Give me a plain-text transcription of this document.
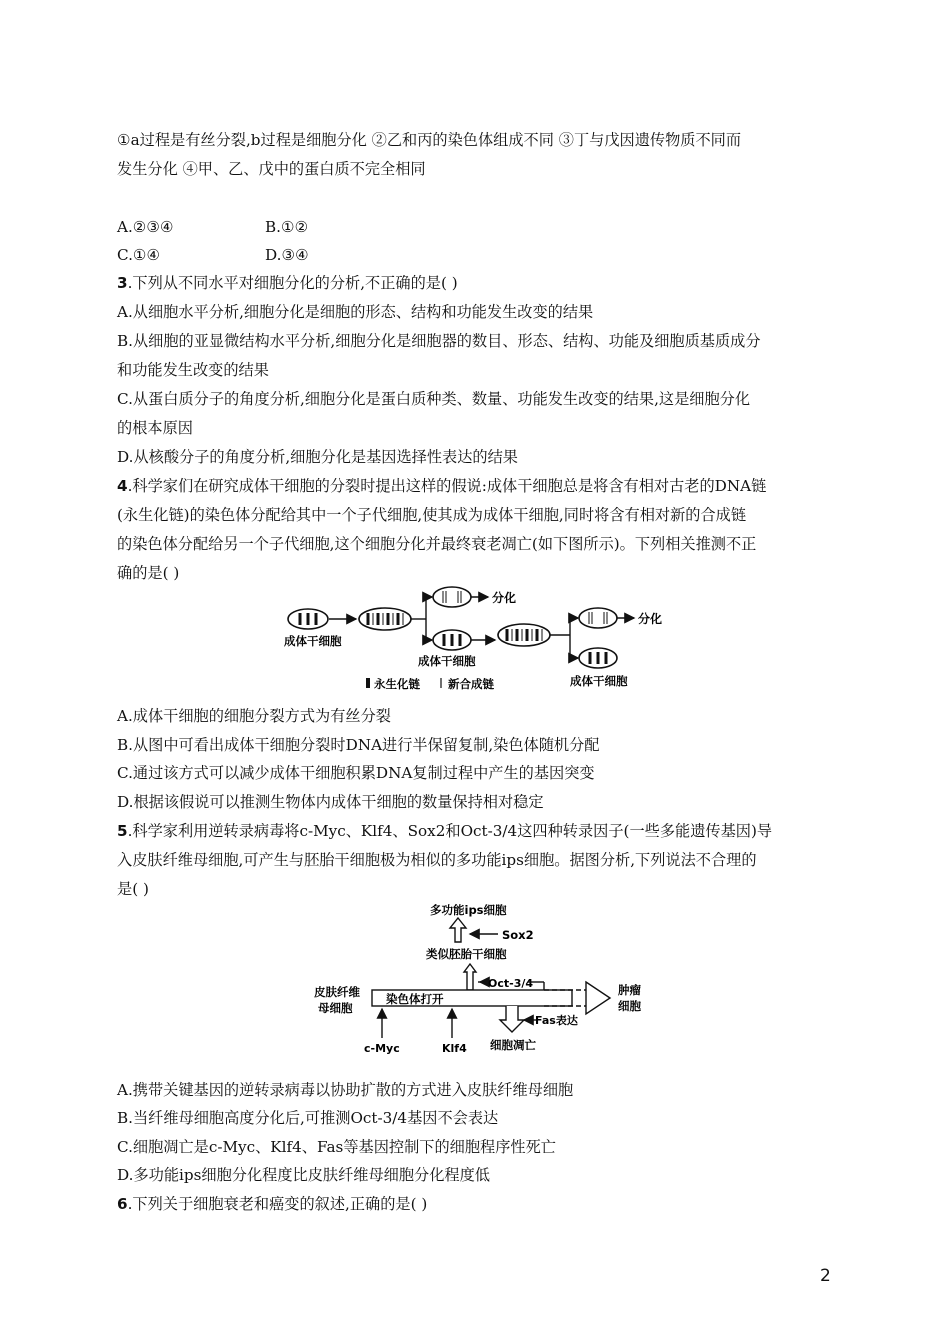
①a过程是有丝分裂,b过程是细胞分化 ②乙和丙的染色体组成不同 ③丁与戊因遗传物质不同而
发生分化 ④甲、乙、戊中的蛋白质不完全相同
A.②③④	B.①②
C.①④	D.③④
3.下列从不同水平对细胞分化的分析,不正确的是( )
A.从细胞水平分析,细胞分化是细胞的形态、结构和功能发生改变的结果
B.从细胞的亚显微结构水平分析,细胞分化是细胞器的数目、形态、结构、功能及细胞质基质成分
和功能发生改变的结果
C.从蛋白质分子的角度分析,细胞分化是蛋白质种类、数量、功能发生改变的结果,这是细胞分化
的根本原因
D.从核酸分子的角度分析,细胞分化是基因选择性表达的结果
4.科学家们在研究成体干细胞的分裂时提出这样的假说:成体干细胞总是将含有相对古老的DNA链
(永生化链)的染色体分配给其中一个子代细胞,使其成为成体干细胞,同时将含有相对新的合成链
的染色体分配给另一个子代细胞,这个细胞分化并最终衰老凋亡(如下图所示)。下列相关推测不正
确的是( )
分化
分化
成体干细胞
成体干细胞
成体干细胞
永生化链 新合成链
A.成体干细胞的细胞分裂方式为有丝分裂
B.从图中可看出成体干细胞分裂时DNA进行半保留复制,染色体随机分配
C.通过该方式可以减少成体干细胞积累DNA复制过程中产生的基因突变
D.根据该假说可以推测生物体内成体干细胞的数量保持相对稳定
5.科学家利用逆转录病毒将c-Myc、Klf4、Sox2和Oct-3/4这四种转录因子(一些多能遗传基因)导
入皮肤纤维母细胞,可产生与胚胎干细胞极为相似的多功能ips细胞。据图分析,下列说法不合理的
是( )
多功能ips细胞
Sox2
类似胚胎干细胞
Oct-3/4
染色体打开
肿瘤
细胞
Fas表达
细胞凋亡
皮肤纤维
母细胞
c-Myc	Klf4
A.携带关键基因的逆转录病毒以协助扩散的方式进入皮肤纤维母细胞
B.当纤维母细胞高度分化后,可推测Oct-3/4基因不会表达
C.细胞凋亡是c-Myc、Klf4、Fas等基因控制下的细胞程序性死亡
D.多功能ips细胞分化程度比皮肤纤维母细胞分化程度低
6.下列关于细胞衰老和癌变的叙述,正确的是( )
2
